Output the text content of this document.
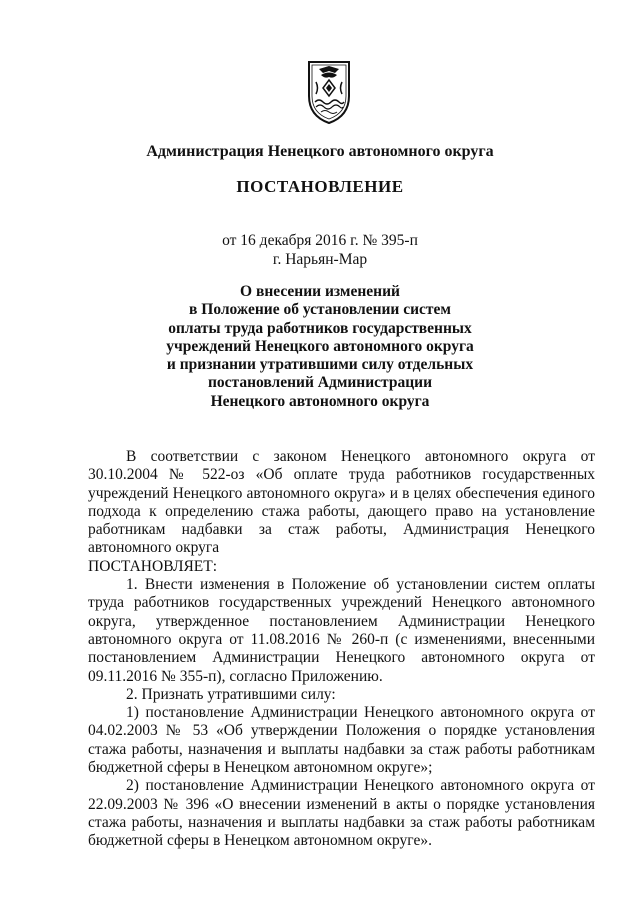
Администрация Ненецкого автономного округа
ПОСТАНОВЛЕНИЕ
от 16 декабря 2016 г. № 395-п
г. Нарьян-Мар
О внесении изменений
в Положение об установлении систем
оплаты труда работников государственных
учреждений Ненецкого автономного округа
и признании утратившими силу отдельных
постановлений Администрации
Ненецкого автономного округа

В соответствии с законом Ненецкого автономного округа от 30.10.2004 № 522-оз «Об оплате труда работников государственных учреждений Ненецкого автономного округа» и в целях обеспечения единого подхода к определению стажа работы, дающего право на установление работникам надбавки за стаж работы, Администрация Ненецкого автономного округа

ПОСТАНОВЛЯЕТ:

1. Внести изменения в Положение об установлении систем оплаты труда работников государственных учреждений Ненецкого автономного округа, утвержденное постановлением Администрации Ненецкого автономного округа от 11.08.2016 № 260-п (с изменениями, внесенными постановлением Администрации Ненецкого автономного округа от 09.11.2016 № 355-п), согласно Приложению.

2. Признать утратившими силу:

1) постановление Администрации Ненецкого автономного округа от 04.02.2003 № 53 «Об утверждении Положения о порядке установления стажа работы, назначения и выплаты надбавки за стаж работы работникам бюджетной сферы в Ненецком автономном округе»;

2) постановление Администрации Ненецкого автономного округа от 22.09.2003 № 396 «О внесении изменений в акты о порядке установления стажа работы, назначения и выплаты надбавки за стаж работы работникам бюджетной сферы в Ненецком автономном округе».
